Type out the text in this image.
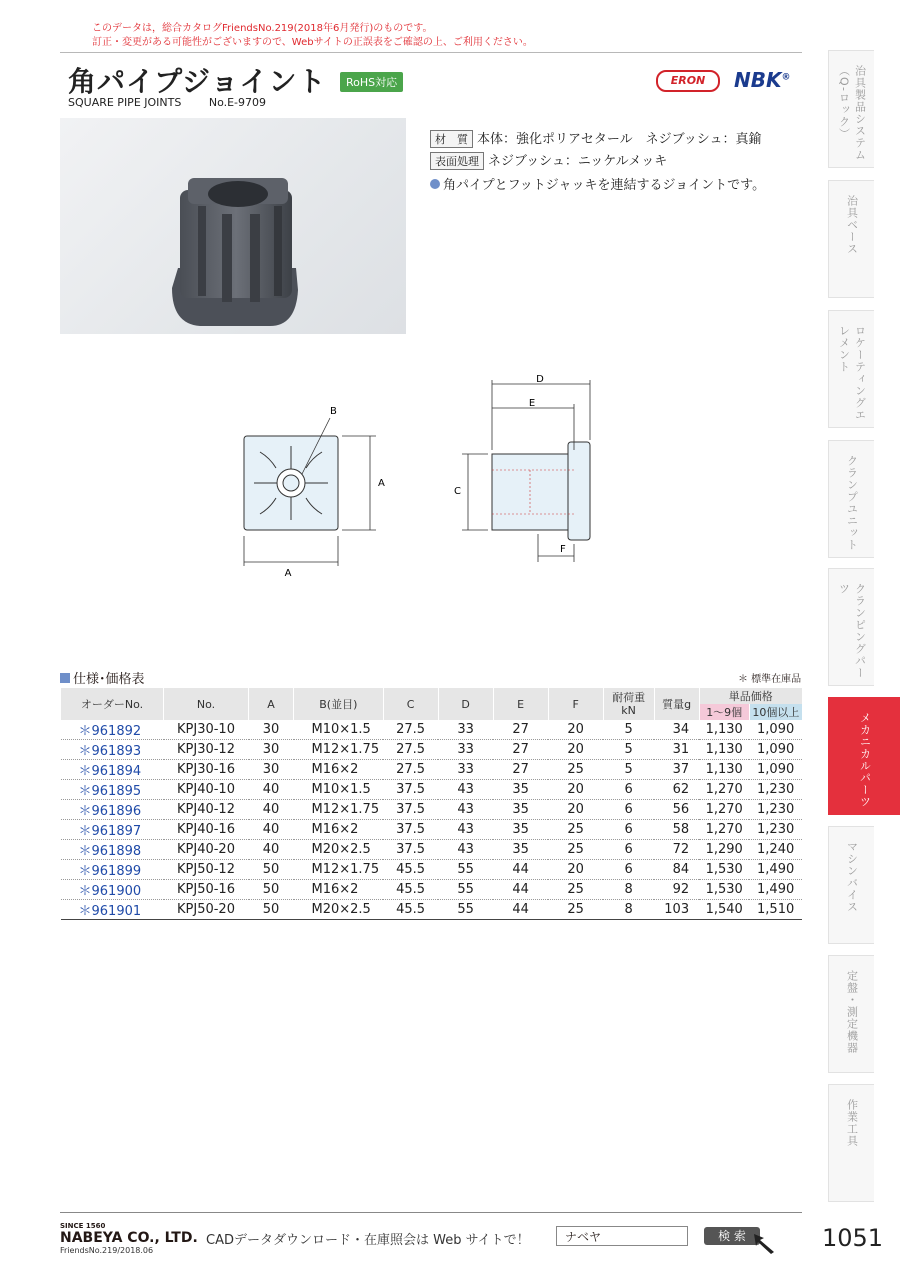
このデータは，総合カタログFriendsNo.219(2018年6月発行)のものです。
訂正・変更がある可能性がございますので、Webサイトの正誤表をご確認の上、ご利用ください。
角パイプジョイント	RoHS対応
SQUARE PIPE JOINTS	No.E-9709
ERON	NBK®
材　質 本体：強化ポリアセタール　ネジブッシュ：真鍮
表面処理 ネジブッシュ：ニッケルメッキ
角パイプとフットジャッキを連結するジョイントです。
A
A
B
D
E
C
F
仕様･価格表	＊ 標準在庫品
オーダーNo.	No.	A	B(並目)	C	D	E	F	耐荷重
kN	質量g	単品価格	
										1〜9個	10個以上
＊961892	KPJ30-10	30	M10×1.5	27.5	33	27	20	5	34	1,130	1,090
＊961893	KPJ30-12	30	M12×1.75	27.5	33	27	20	5	31	1,130	1,090
＊961894	KPJ30-16	30	M16×2	27.5	33	27	25	5	37	1,130	1,090
＊961895	KPJ40-10	40	M10×1.5	37.5	43	35	20	6	62	1,270	1,230
＊961896	KPJ40-12	40	M12×1.75	37.5	43	35	20	6	56	1,270	1,230
＊961897	KPJ40-16	40	M16×2	37.5	43	35	25	6	58	1,270	1,230
＊961898	KPJ40-20	40	M20×2.5	37.5	43	35	25	6	72	1,290	1,240
＊961899	KPJ50-12	50	M12×1.75	45.5	55	44	20	6	84	1,530	1,490
＊961900	KPJ50-16	50	M16×2	45.5	55	44	25	8	92	1,530	1,490
＊961901	KPJ50-20	50	M20×2.5	45.5	55	44	25	8	103	1,540	1,510
治具製品システム（Q-ロック）
治具ベース
ロケーティングエレメント
クランプユニット
クランピングパーツ
メカニカルパーツ
マシンバイス
定盤・測定機器
作業工具
SINCE 1560
NABEYA CO., LTD.
FriendsNo.219/2018.06
CADデータダウンロード・在庫照会は Web サイトで！	ナベヤ	検 索	1051
